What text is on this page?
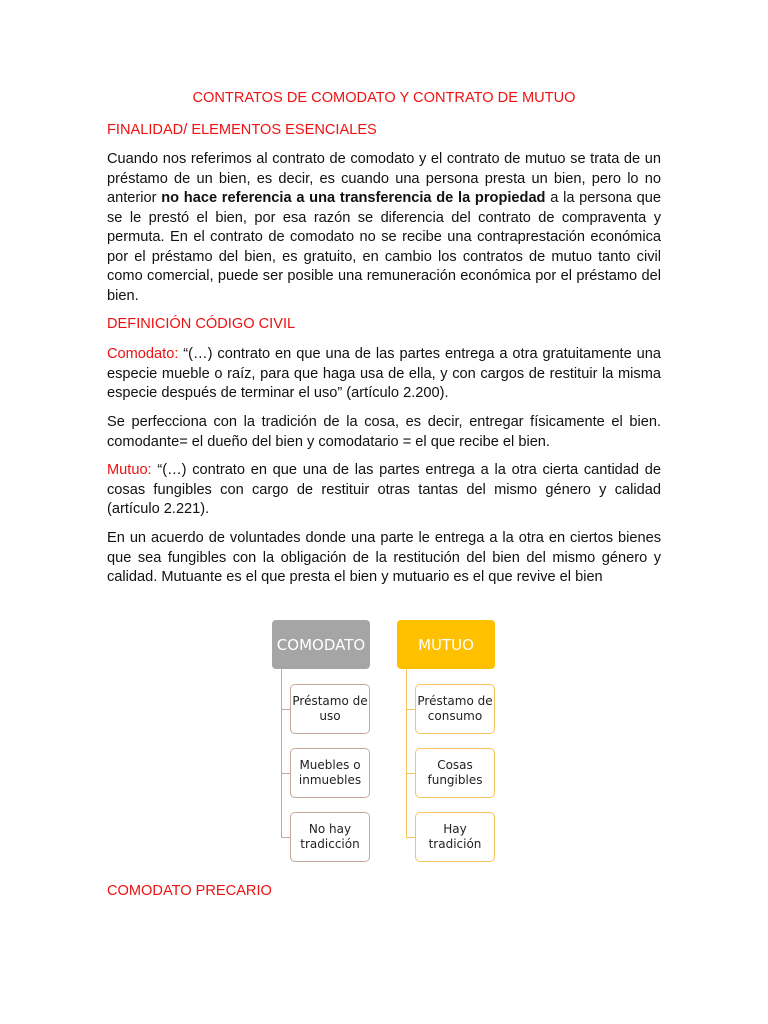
CONTRATOS DE COMODATO Y CONTRATO DE MUTUO
FINALIDAD/ ELEMENTOS ESENCIALES
Cuando nos referimos al contrato de comodato y el contrato de mutuo se trata de un préstamo de un bien, es decir, es cuando una persona presta un bien, pero lo no anterior no hace referencia a una transferencia de la propiedad a la persona que se le prestó el bien, por esa razón se diferencia del contrato de compraventa y permuta. En el contrato de comodato no se recibe una contraprestación económica por el préstamo del bien, es gratuito, en cambio los contratos de mutuo tanto civil como comercial, puede ser posible una remuneración económica por el préstamo del bien.
DEFINICIÓN CÓDIGO CIVIL
Comodato: “(…) contrato en que una de las partes entrega a otra gratuitamente una especie mueble o raíz, para que haga usa de ella, y con cargos de restituir la misma especie después de terminar el uso” (artículo 2.200).
Se perfecciona con la tradición de la cosa, es decir, entregar físicamente el bien. comodante= el dueño del bien y comodatario = el que recibe el bien.
Mutuo: “(…) contrato en que una de las partes entrega a la otra cierta cantidad de cosas fungibles con cargo de restituir otras tantas del mismo género y calidad (artículo 2.221).
En un acuerdo de voluntades donde una parte le entrega a la otra en ciertos bienes que sea fungibles con la obligación de la restitución del bien del mismo género y calidad. Mutuante es el que presta el bien y mutuario es el que revive el bien
COMODATO	MUTUO
Préstamo de uso
Muebles o inmuebles
No hay tradicción
Préstamo de consumo
Cosas fungibles
Hay tradición
COMODATO PRECARIO
